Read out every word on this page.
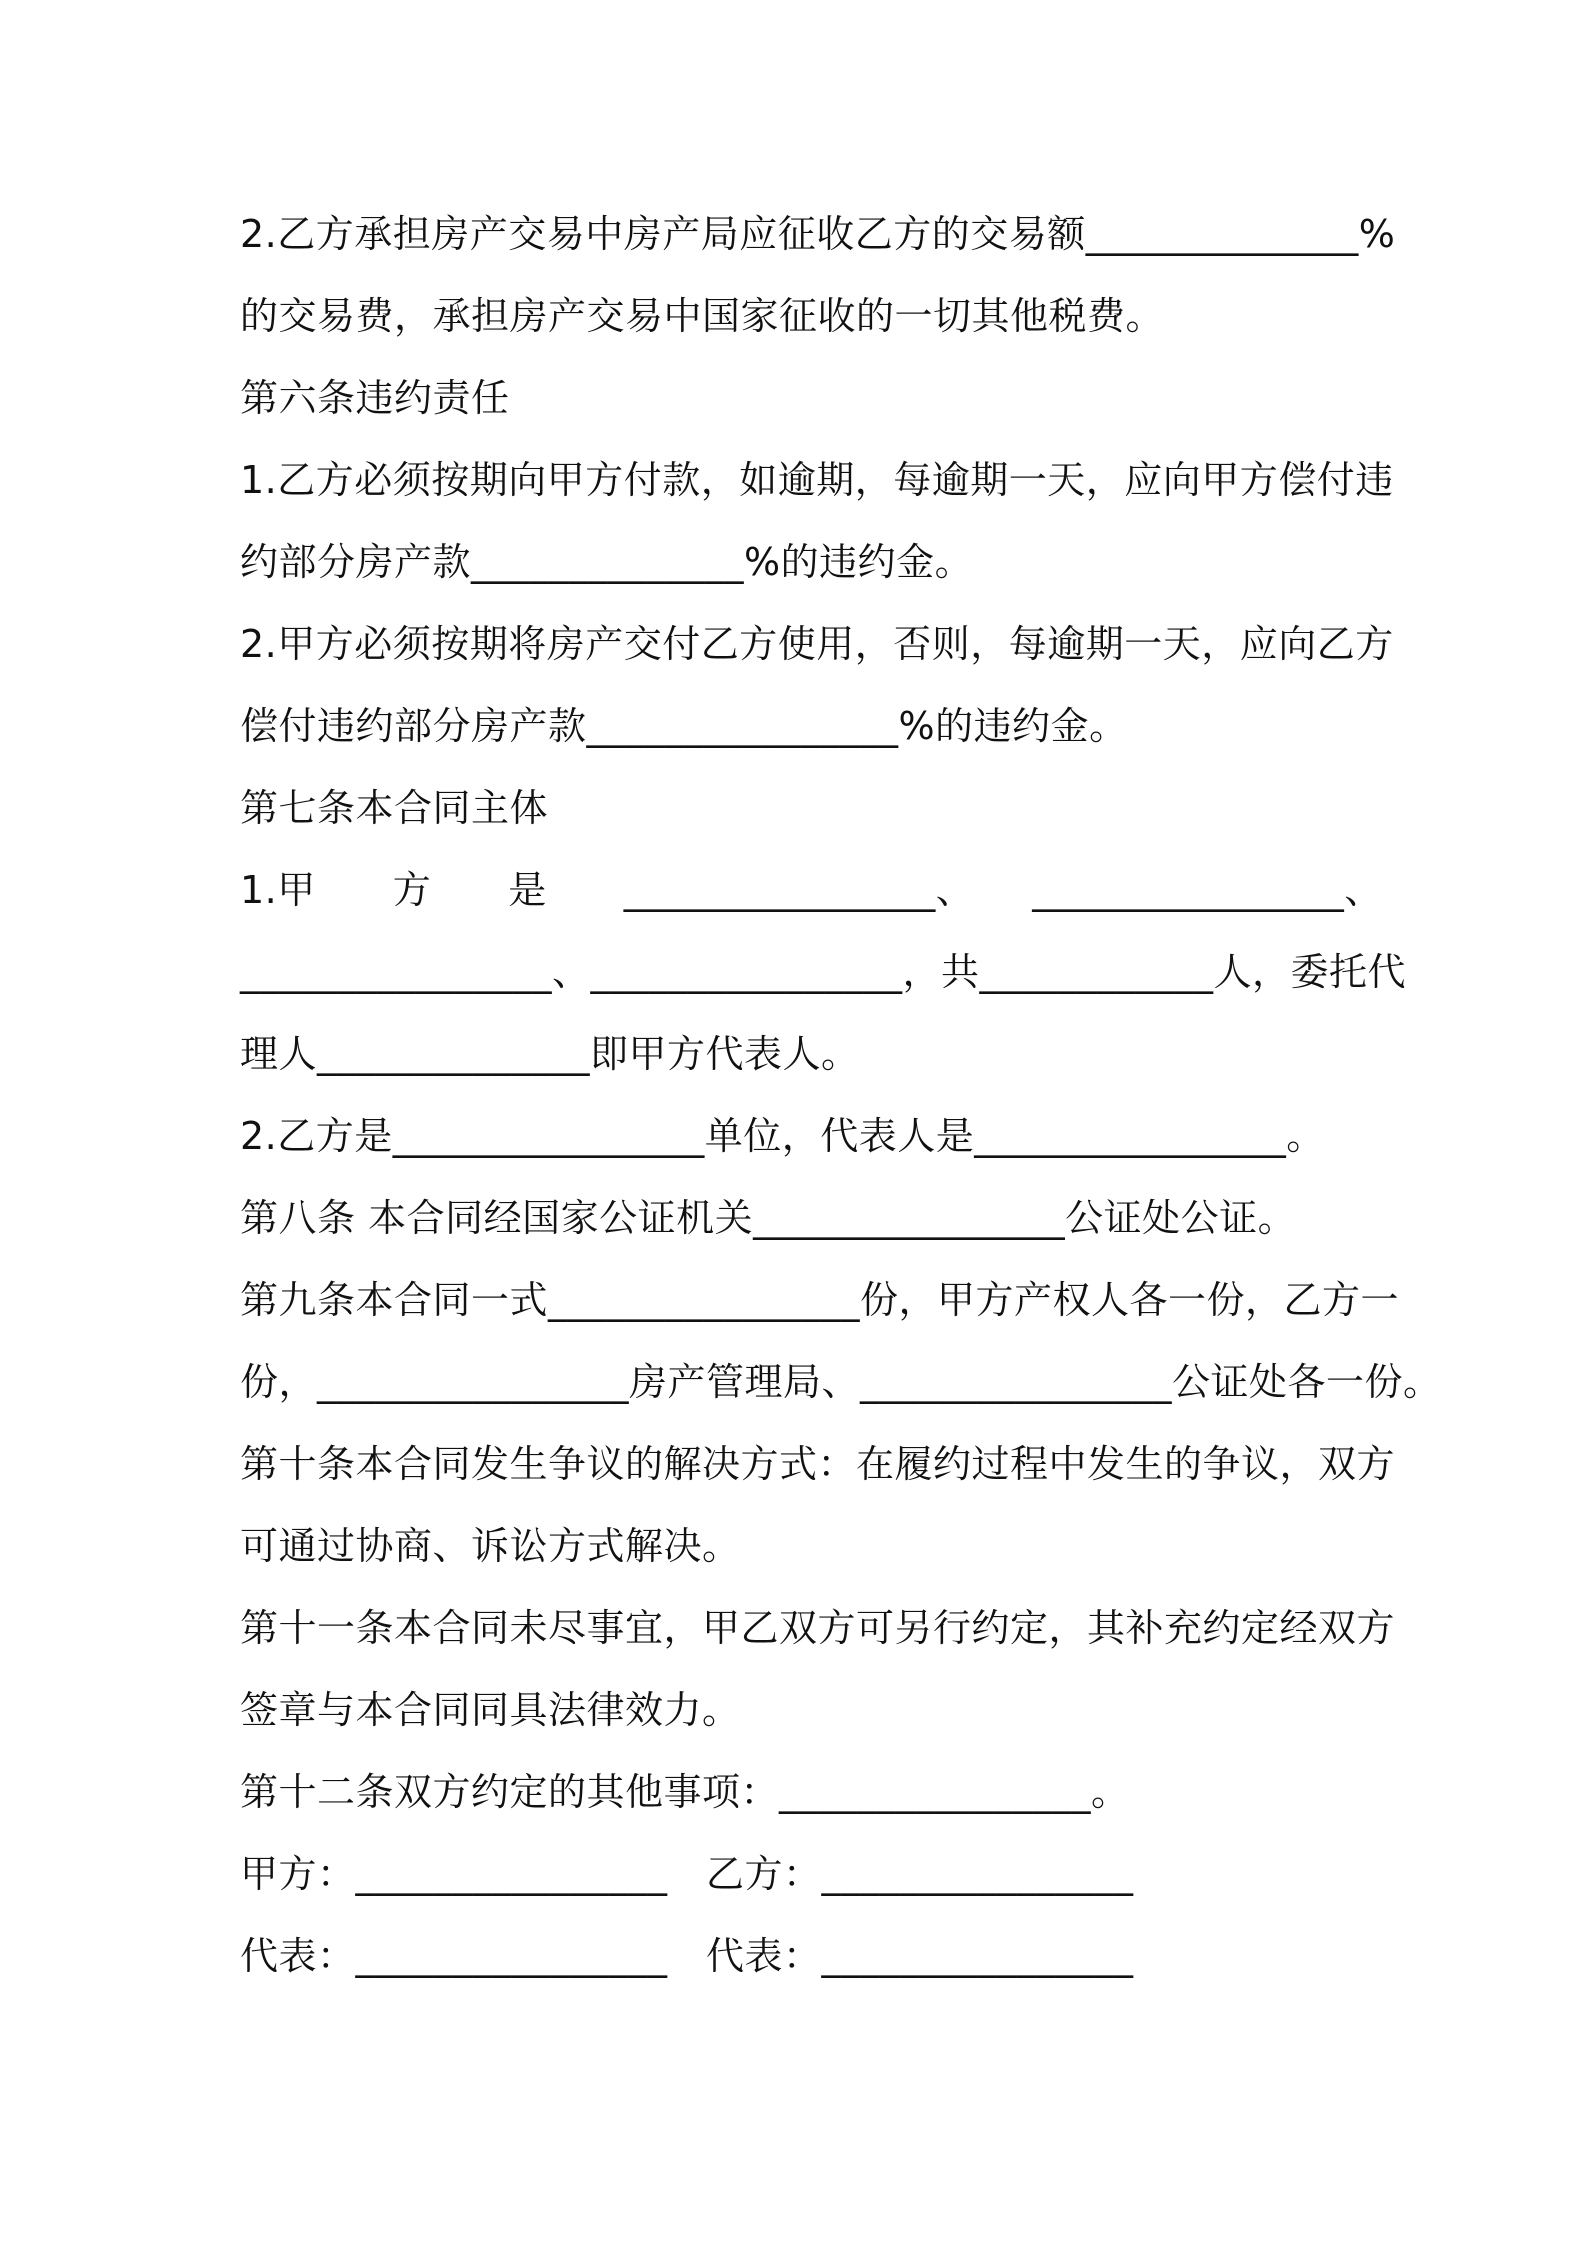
2.乙方承担房产交易中房产局应征收乙方的交易额______________%
的交易费，承担房产交易中国家征收的一切其他税费。
第六条违约责任
1.乙方必须按期向甲方付款，如逾期，每逾期一天，应向甲方偿付违
约部分房产款______________%的违约金。
2.甲方必须按期将房产交付乙方使用，否则，每逾期一天，应向乙方
偿付违约部分房产款________________%的违约金。
第七条本合同主体
1.甲　　方　　是　　________________、　　________________、
________________、________________，共____________人，委托代
理人______________即甲方代表人。
2.乙方是________________单位，代表人是________________。
第八条 本合同经国家公证机关________________公证处公证。
第九条本合同一式________________份，甲方产权人各一份，乙方一
份，________________房产管理局、________________公证处各一份。
第十条本合同发生争议的解决方式：在履约过程中发生的争议，双方
可通过协商、诉讼方式解决。
第十一条本合同未尽事宜，甲乙双方可另行约定，其补充约定经双方
签章与本合同同具法律效力。
第十二条双方约定的其他事项：________________。
甲方：________________　乙方：________________
代表：________________　代表：________________
